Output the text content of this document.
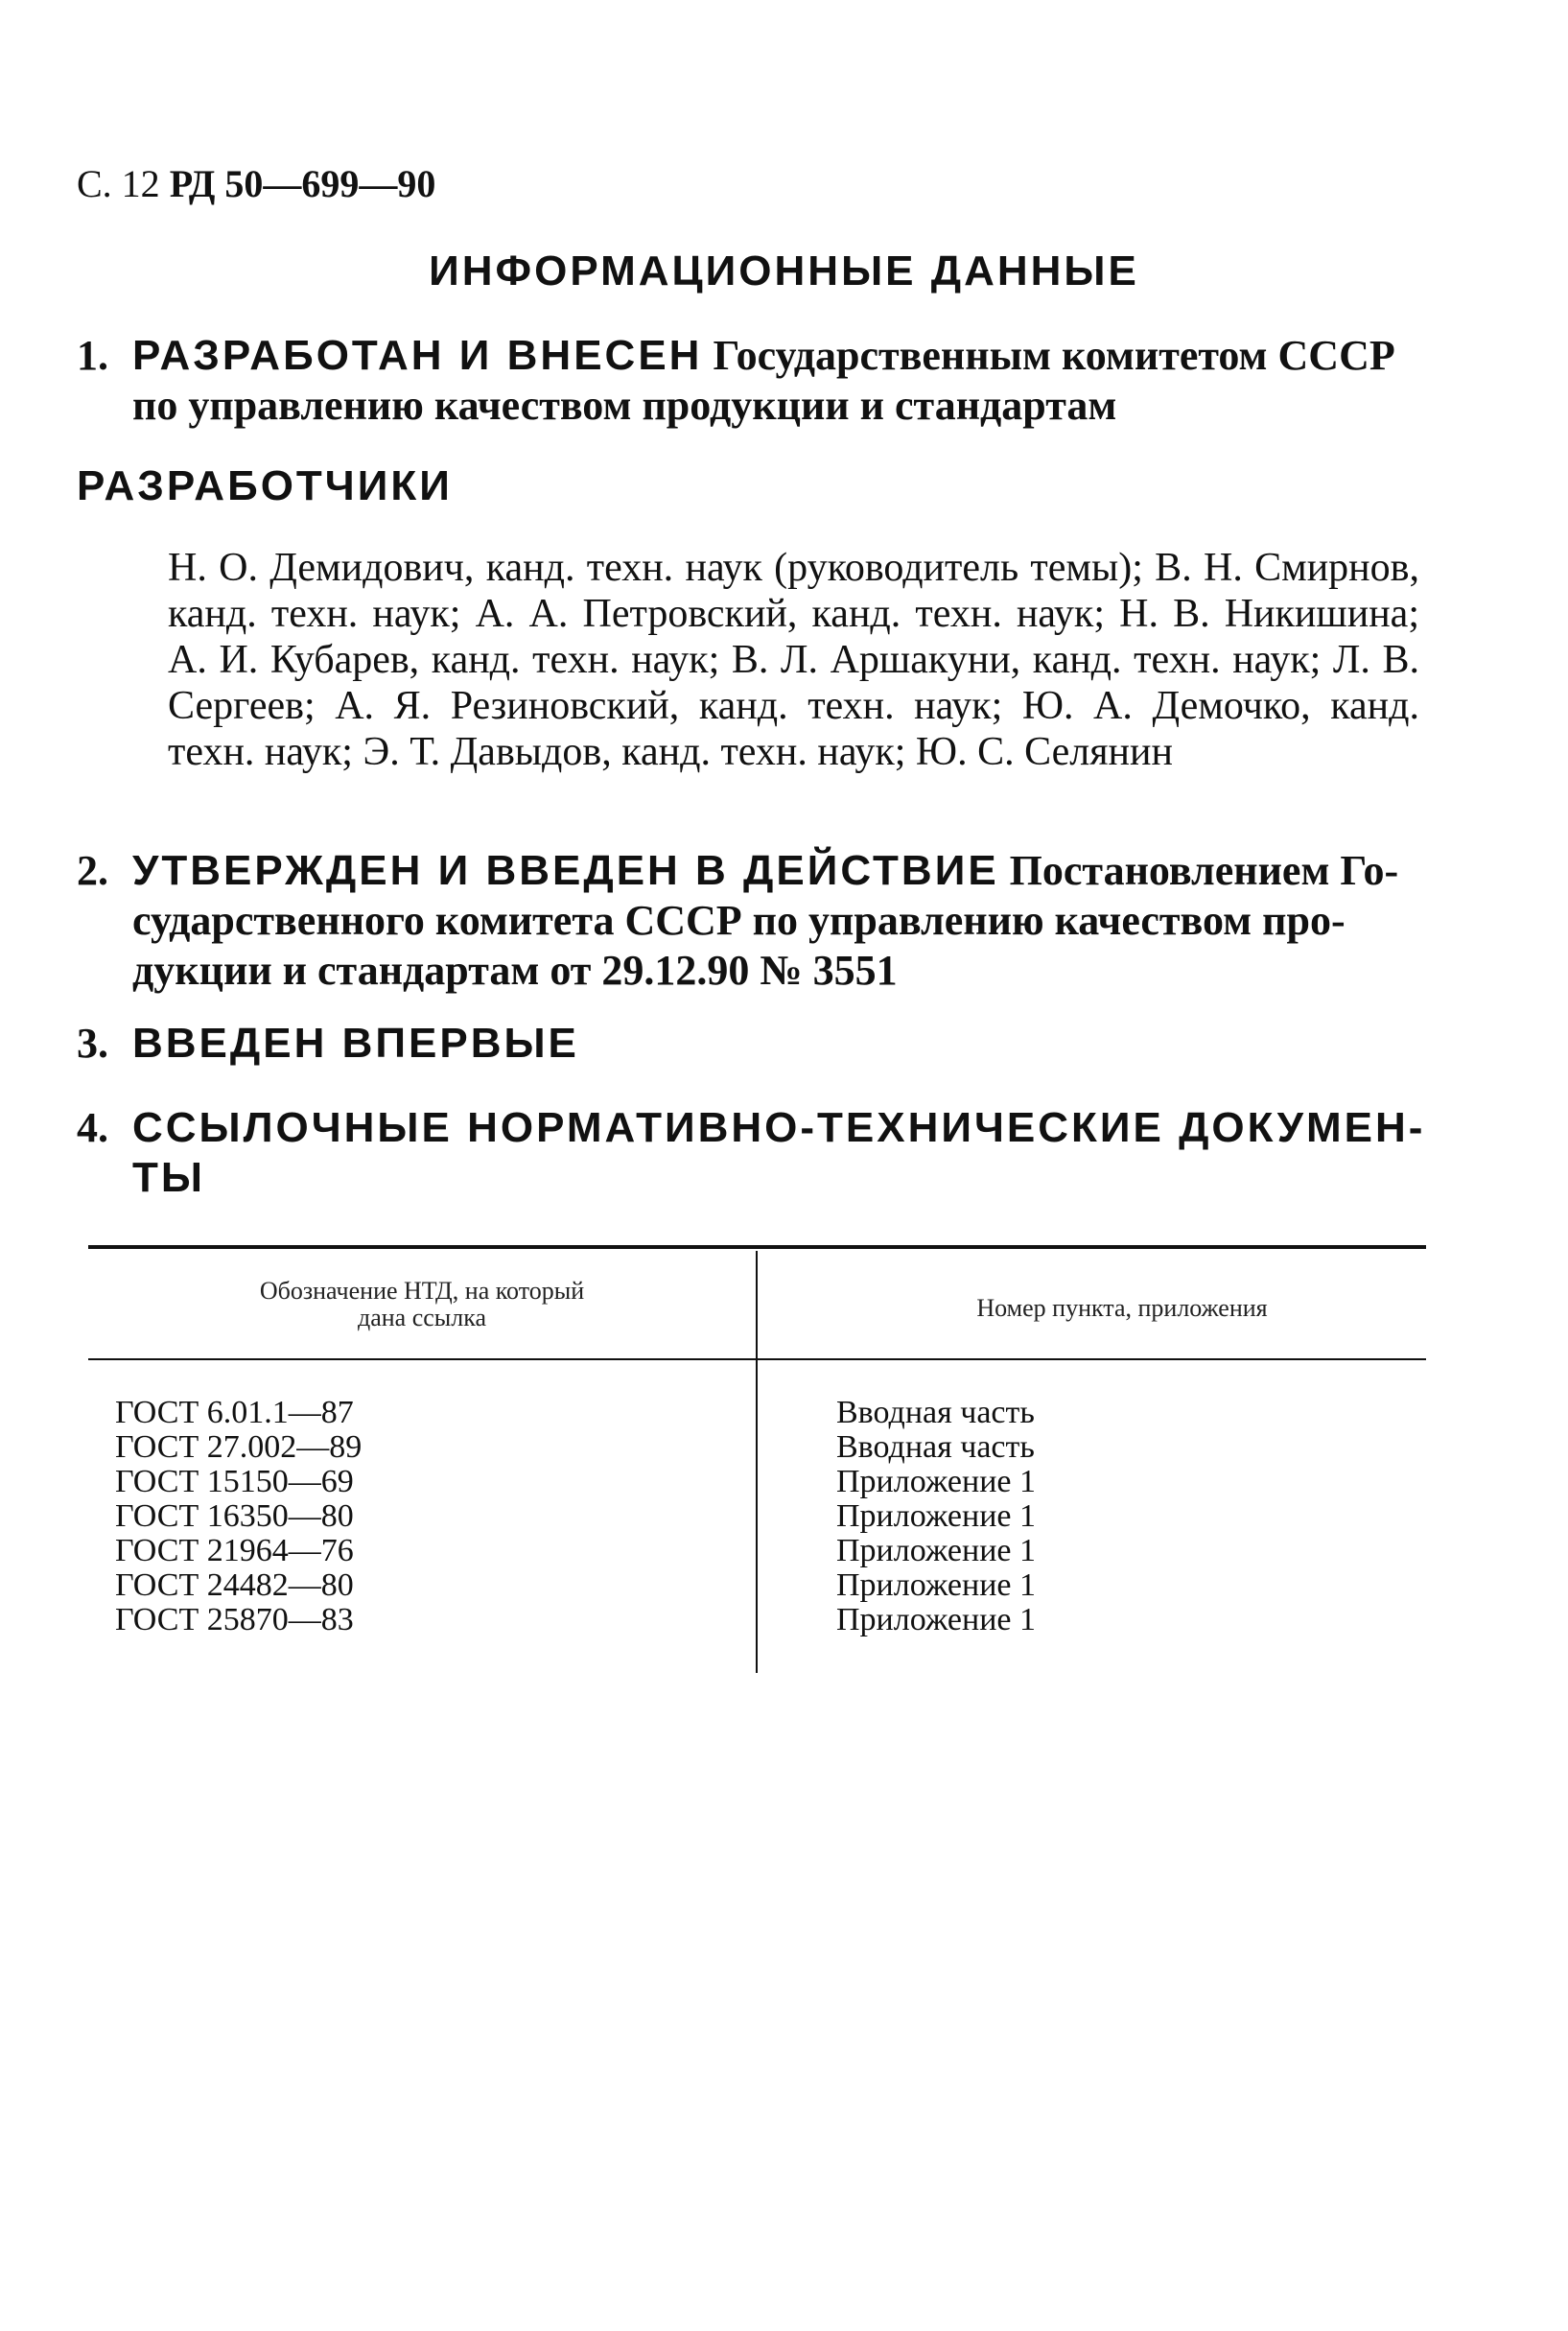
С. 12 РД 50—699—90
ИНФОРМАЦИОННЫЕ ДАННЫЕ
1. РАЗРАБОТАН И ВНЕСЕН Государственным комитетом СССР
по управлению качеством продукции и стандартам
РАЗРАБОТЧИКИ
Н. О. Демидович, канд. техн. наук (руководитель темы); В. Н. Смирнов, канд. техн. наук; А. А. Петровский, канд. техн. наук; Н. В. Никишина; А. И. Кубарев, канд. техн. наук; В. Л. Аршакуни, канд. техн. наук; Л. В. Сергеев; А. Я. Резиновский, канд. техн. наук; Ю. А. Демочко, канд. техн. наук; Э. Т. Давыдов, канд. техн. наук; Ю. С. Селянин
2. УТВЕРЖДЕН И ВВЕДЕН В ДЕЙСТВИЕ Постановлением Го-
сударственного комитета СССР по управлению качеством про-
дукции и стандартам от 29.12.90 № 3551
3. ВВЕДЕН ВПЕРВЫЕ
4. ССЫЛОЧНЫЕ НОРМАТИВНО-ТЕХНИЧЕСКИЕ ДОКУМЕН-
ТЫ
Обозначение НТД, на который
дана ссылка	Номер пункта, приложения
ГОСТ 6.01.1—87
ГОСТ 27.002—89
ГОСТ 15150—69
ГОСТ 16350—80
ГОСТ 21964—76
ГОСТ 24482—80
ГОСТ 25870—83
Вводная часть
Вводная часть
Приложение 1
Приложение 1
Приложение 1
Приложение 1
Приложение 1
